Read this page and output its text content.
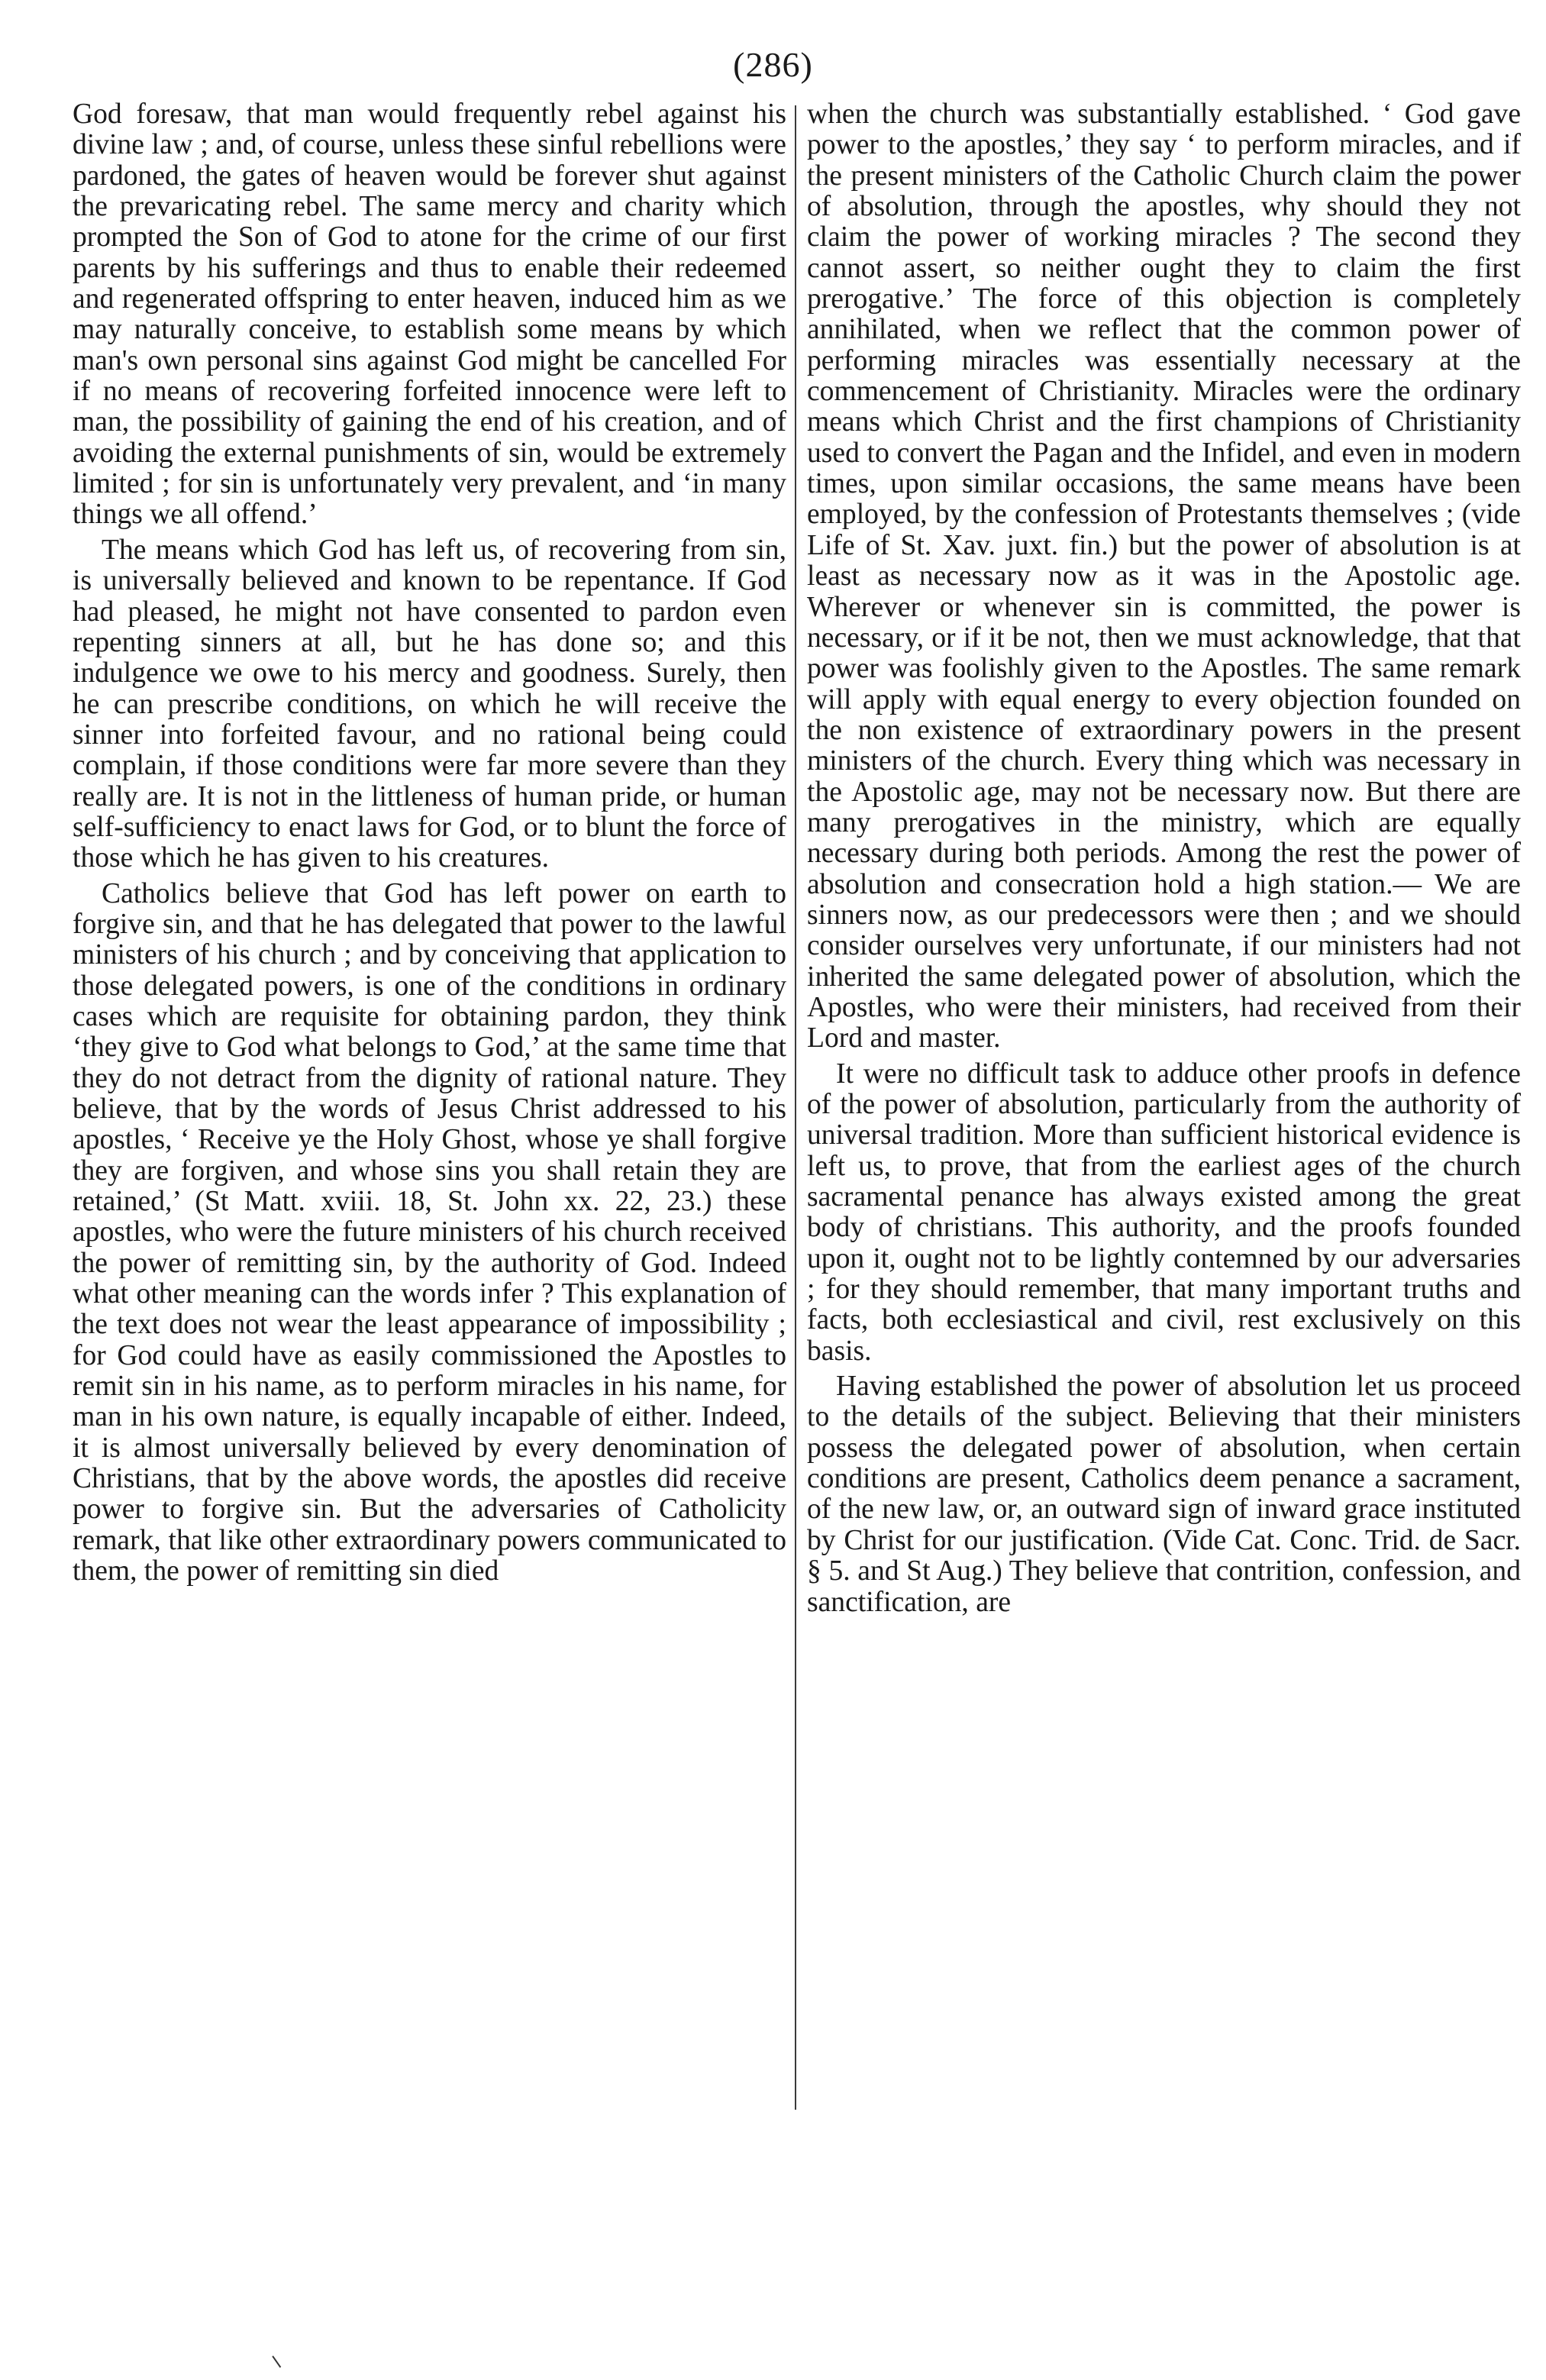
(286)

God foresaw, that man would frequently rebel against his divine law ; and, of course, unless these sinful rebellions were pardoned, the gates of heaven would be forever shut against the prevaricating rebel. The same mercy and charity which prompted the Son of God to atone for the crime of our first parents by his sufferings and thus to enable their redeemed and regenerated offspring to enter heaven, induced him as we may naturally conceive, to establish some means by which man's own personal sins against God might be cancelled For if no means of recovering forfeited innocence were left to man, the possibility of gaining the end of his creation, and of avoiding the external punishments of sin, would be extremely limited ; for sin is unfortunately very prevalent, and ‘in many things we all offend.’

The means which God has left us, of recovering from sin, is universally believed and known to be repentance. If God had pleased, he might not have consented to pardon even repenting sinners at all, but he has done so; and this indulgence we owe to his mercy and goodness. Surely, then he can prescribe conditions, on which he will receive the sinner into forfeited favour, and no rational being could complain, if those conditions were far more severe than they really are. It is not in the littleness of human pride, or human self-sufficiency to enact laws for God, or to blunt the force of those which he has given to his creatures.

Catholics believe that God has left power on earth to forgive sin, and that he has delegated that power to the lawful ministers of his church ; and by conceiving that application to those delegated powers, is one of the conditions in ordinary cases which are requisite for obtaining pardon, they think ‘they give to God what belongs to God,’ at the same time that they do not detract from the dignity of rational nature. They believe, that by the words of Jesus Christ addressed to his apostles, ‘ Receive ye the Holy Ghost, whose ye shall forgive they are forgiven, and whose sins you shall retain they are retained,’ (St Matt. xviii. 18, St. John xx. 22, 23.) these apostles, who were the future ministers of his church received the power of remitting sin, by the authority of God. Indeed what other meaning can the words infer ? This explanation of the text does not wear the least appearance of impossibility ; for God could have as easily commissioned the Apostles to remit sin in his name, as to perform miracles in his name, for man in his own nature, is equally incapable of either. Indeed, it is almost universally believed by every denomination of Christians, that by the above words, the apostles did receive power to forgive sin. But the adversaries of Catholicity remark, that like other extraordinary powers communicated to them, the power of remitting sin died

when the church was substantially established. ‘ God gave power to the apostles,’ they say ‘ to perform miracles, and if the present ministers of the Catholic Church claim the power of absolution, through the apostles, why should they not claim the power of working miracles ? The second they cannot assert, so neither ought they to claim the first prerogative.’ The force of this objection is completely annihilated, when we reflect that the common power of performing miracles was essentially necessary at the commencement of Christianity. Miracles were the ordinary means which Christ and the first champions of Christianity used to convert the Pagan and the Infidel, and even in modern times, upon similar occasions, the same means have been employed, by the confession of Protestants themselves ; (vide Life of St. Xav. juxt. fin.) but the power of absolution is at least as necessary now as it was in the Apostolic age. Wherever or whenever sin is committed, the power is necessary, or if it be not, then we must acknowledge, that that power was foolishly given to the Apostles. The same remark will apply with equal energy to every objection founded on the non existence of extraordinary powers in the present ministers of the church. Every thing which was necessary in the Apostolic age, may not be necessary now. But there are many prerogatives in the ministry, which are equally necessary during both periods. Among the rest the power of absolution and consecration hold a high station.— We are sinners now, as our predecessors were then ; and we should consider ourselves very unfortunate, if our ministers had not inherited the same delegated power of absolution, which the Apostles, who were their ministers, had received from their Lord and master.

It were no difficult task to adduce other proofs in defence of the power of absolution, particularly from the authority of universal tradition. More than sufficient historical evidence is left us, to prove, that from the earliest ages of the church sacramental penance has always existed among the great body of christians. This authority, and the proofs founded upon it, ought not to be lightly contemned by our adversaries ; for they should remember, that many important truths and facts, both ecclesiastical and civil, rest exclusively on this basis.

Having established the power of absolution let us proceed to the details of the subject. Believing that their ministers possess the delegated power of absolution, when certain conditions are present, Catholics deem penance a sacrament, of the new law, or, an outward sign of inward grace instituted by Christ for our justification. (Vide Cat. Conc. Trid. de Sacr. § 5. and St Aug.) They believe that contrition, confession, and sanctification, are
